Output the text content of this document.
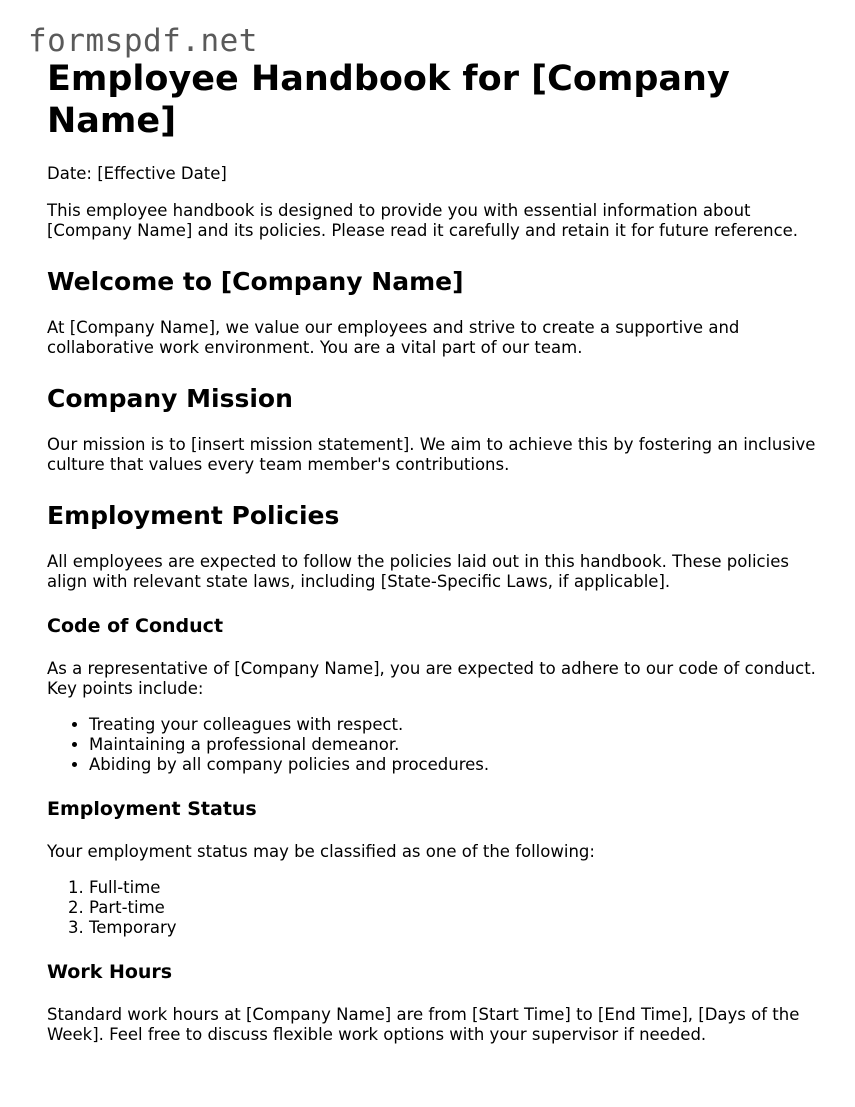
formspdf.net
Employee Handbook for [Company Name]

Date: [Effective Date]

This employee handbook is designed to provide you with essential information about [Company Name] and its policies. Please read it carefully and retain it for future reference.

Welcome to [Company Name]

At [Company Name], we value our employees and strive to create a supportive and collaborative work environment. You are a vital part of our team.

Company Mission

Our mission is to [insert mission statement]. We aim to achieve this by fostering an inclusive culture that values every team member's contributions.

Employment Policies

All employees are expected to follow the policies laid out in this handbook. These policies align with relevant state laws, including [State-Specific Laws, if applicable].

Code of Conduct

As a representative of [Company Name], you are expected to adhere to our code of conduct. Key points include:

• Treating your colleagues with respect.
• Maintaining a professional demeanor.
• Abiding by all company policies and procedures.
Employment Status

Your employment status may be classified as one of the following:

1. Full-time
2. Part-time
3. Temporary
Work Hours

Standard work hours at [Company Name] are from [Start Time] to [End Time], [Days of the Week]. Feel free to discuss flexible work options with your supervisor if needed.
